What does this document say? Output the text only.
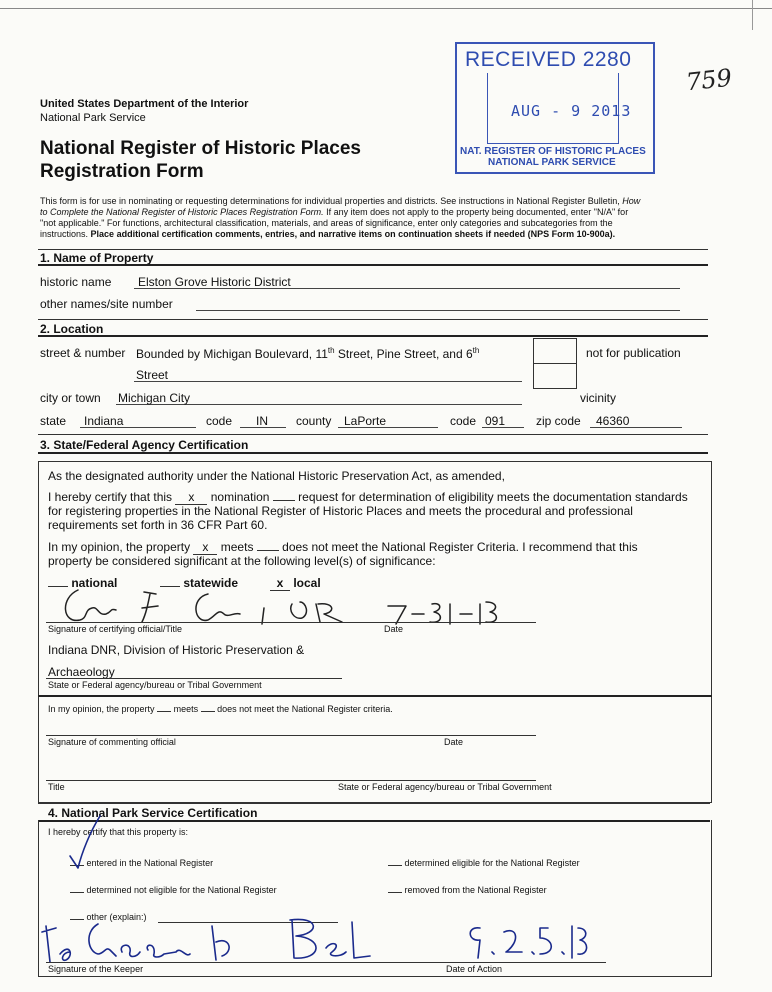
United States Department of the Interior
National Park Service
National Register of Historic Places
Registration Form
759
RECEIVED 2280
AUG - 9 2013
NAT. REGISTER OF HISTORIC PLACES
NATIONAL PARK SERVICE
This form is for use in nominating or requesting determinations for individual properties and districts. See instructions in National Register Bulletin, How
to Complete the National Register of Historic Places Registration Form. If any item does not apply to the property being documented, enter "N/A" for
"not applicable." For functions, architectural classification, materials, and areas of significance, enter only categories and subcategories from the
instructions. Place additional certification comments, entries, and narrative items on continuation sheets if needed (NPS Form 10-900a).
1. Name of Property
historic name Elston Grove Historic District
other names/site number
2. Location
street & number Bounded by Michigan Boulevard, 11th Street, Pine Street, and 6th
Street
not for publication
city or town Michigan City	vicinity
state Indiana	code IN county LaPorte	code 091	zip code 46360
3. State/Federal Agency Certification
As the designated authority under the National Historic Preservation Act, as amended,
I hereby certify that this x nomination request for determination of eligibility meets the documentation standards
for registering properties in the National Register of Historic Places and meets the procedural and professional
requirements set forth in 36 CFR Part 60.
In my opinion, the property x meets does not meet the National Register Criteria. I recommend that this
property be considered significant at the following level(s) of significance:
national	statewide	x local
Signature of certifying official/Title	Date
Indiana DNR, Division of Historic Preservation &
Archaeology
State or Federal agency/bureau or Tribal Government
In my opinion, the property meets does not meet the National Register criteria.
Signature of commenting official	Date
Title	State or Federal agency/bureau or Tribal Government
4. National Park Service Certification
I hereby certify that this property is:
entered in the National Register	determined eligible for the National Register
determined not eligible for the National Register	removed from the National Register
other (explain:)
Signature of the Keeper	Date of Action
